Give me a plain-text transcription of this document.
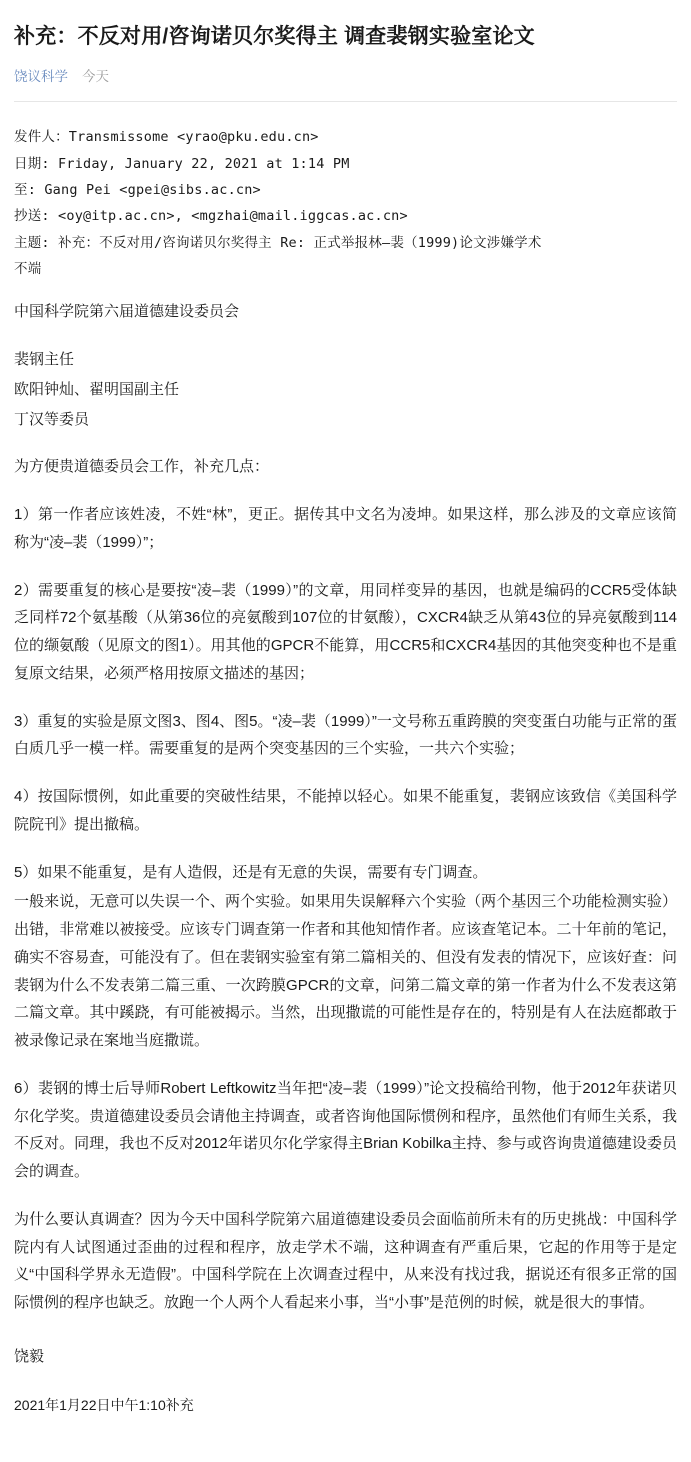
补充：不反对用/咨询诺贝尔奖得主 调查裴钢实验室论文
饶议科学 今天
发件人：Transmissome <yrao@pku.edu.cn>
日期: Friday, January 22, 2021 at 1:14 PM
至: Gang Pei <gpei@sibs.ac.cn>
抄送: <oy@itp.ac.cn>, <mgzhai@mail.iggcas.ac.cn>
主题: 补充：不反对用/咨询诺贝尔奖得主 Re: 正式举报林–裴（1999)论文涉嫌学术
不端

中国科学院第六届道德建设委员会

裴钢主任

欧阳钟灿、翟明国副主任

丁汉等委员

为方便贵道德委员会工作，补充几点：

1）第一作者应该姓凌，不姓“林”，更正。据传其中文名为凌坤。如果这样，那么涉及的文章应该简称为“凌–裴（1999）”；

2）需要重复的核心是要按“凌–裴（1999）”的文章，用同样变异的基因，也就是编码的CCR5受体缺乏同样72个氨基酸（从第36位的亮氨酸到107位的甘氨酸），CXCR4缺乏从第43位的异亮氨酸到114位的缬氨酸（见原文的图1）。用其他的GPCR不能算，用CCR5和CXCR4基因的其他突变种也不是重复原文结果，必须严格用按原文描述的基因；

3）重复的实验是原文图3、图4、图5。“凌–裴（1999）”一文号称五重跨膜的突变蛋白功能与正常的蛋白质几乎一模一样。需要重复的是两个突变基因的三个实验，一共六个实验；

4）按国际惯例，如此重要的突破性结果，不能掉以轻心。如果不能重复，裴钢应该致信《美国科学院院刊》提出撤稿。

5）如果不能重复，是有人造假，还是有无意的失误，需要有专门调查。

一般来说，无意可以失误一个、两个实验。如果用失误解释六个实验（两个基因三个功能检测实验）出错，非常难以被接受。应该专门调查第一作者和其他知情作者。应该查笔记本。二十年前的笔记，确实不容易查，可能没有了。但在裴钢实验室有第二篇相关的、但没有发表的情况下，应该好查：问裴钢为什么不发表第二篇三重、一次跨膜GPCR的文章，问第二篇文章的第一作者为什么不发表这第二篇文章。其中蹊跷，有可能被揭示。当然，出现撒谎的可能性是存在的，特别是有人在法庭都敢于被录像记录在案地当庭撒谎。

6）裴钢的博士后导师Robert Leftkowitz当年把“凌–裴（1999）”论文投稿给刊物，他于2012年获诺贝尔化学奖。贵道德建设委员会请他主持调查，或者咨询他国际惯例和程序，虽然他们有师生关系，我不反对。同理，我也不反对2012年诺贝尔化学家得主Brian Kobilka主持、参与或咨询贵道德建设委员会的调查。

为什么要认真调查？因为今天中国科学院第六届道德建设委员会面临前所未有的历史挑战：中国科学院内有人试图通过歪曲的过程和程序，放走学术不端，这种调查有严重后果，它起的作用等于是定义“中国科学界永无造假”。中国科学院在上次调查过程中，从来没有找过我，据说还有很多正常的国际惯例的程序也缺乏。放跑一个人两个人看起来小事，当“小事”是范例的时候，就是很大的事情。

饶毅

2021年1月22日中午1:10补充
